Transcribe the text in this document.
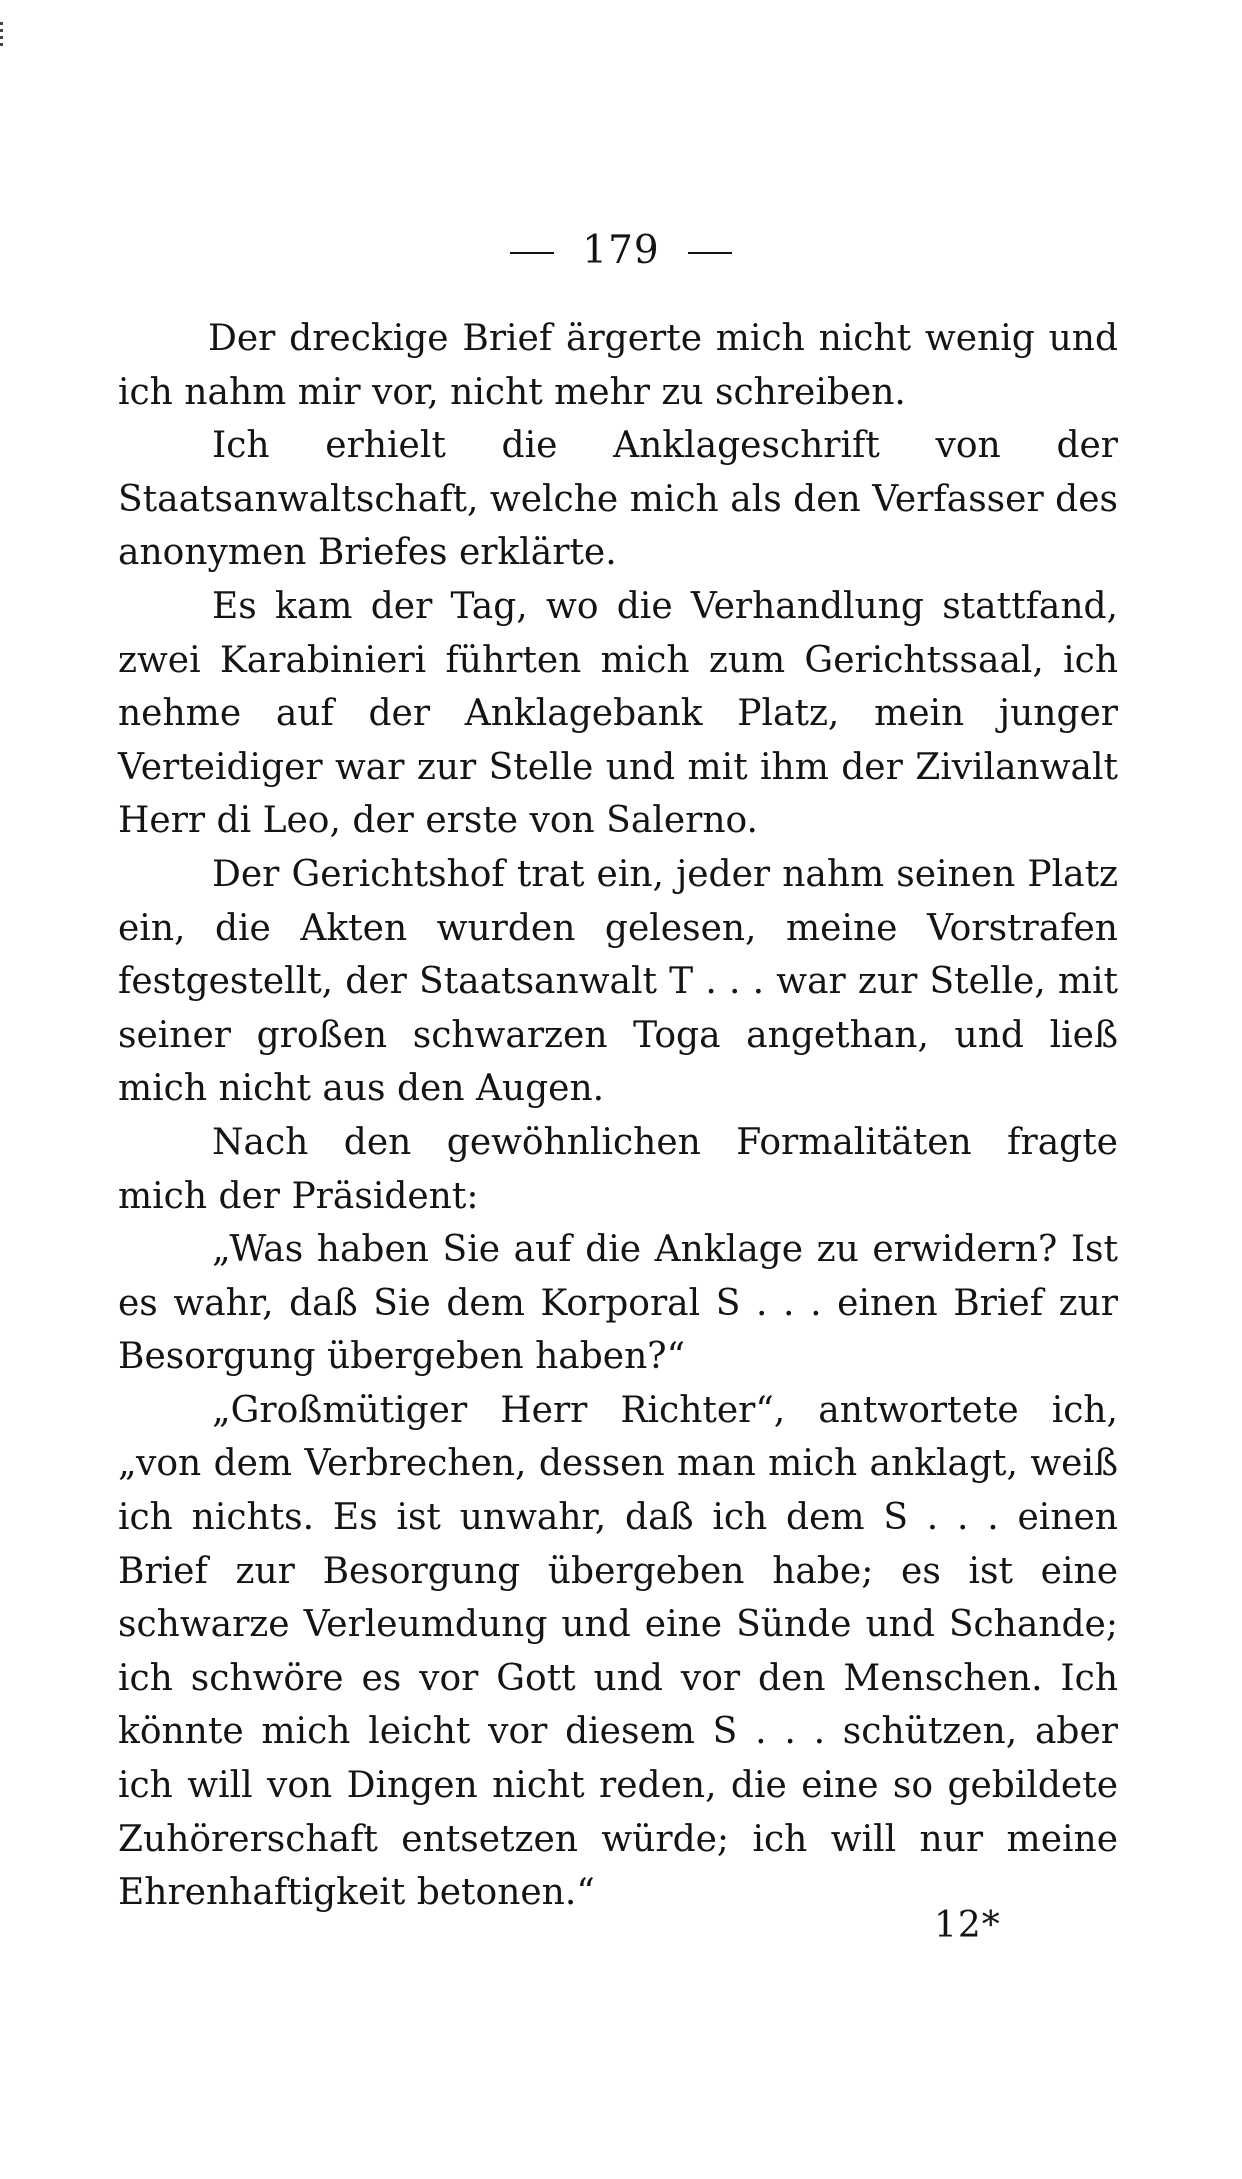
179

Der dreckige Brief ärgerte mich nicht wenig und ich nahm mir vor, nicht mehr zu schreiben.

Ich erhielt die Anklageschrift von der Staatsanwaltschaft, welche mich als den Verfasser des anonymen Briefes erklärte.

Es kam der Tag, wo die Verhandlung stattfand, zwei Karabinieri führten mich zum Gerichtssaal, ich nehme auf der Anklagebank Platz, mein junger Verteidiger war zur Stelle und mit ihm der Zivilanwalt Herr di Leo, der erste von Salerno.

Der Gerichtshof trat ein, jeder nahm seinen Platz ein, die Akten wurden gelesen, meine Vorstrafen festgestellt, der Staatsanwalt T . . . war zur Stelle, mit seiner großen schwarzen Toga angethan, und ließ mich nicht aus den Augen.

Nach den gewöhnlichen Formalitäten fragte mich der Präsident:

„Was haben Sie auf die Anklage zu erwidern? Ist es wahr, daß Sie dem Korporal S . . . einen Brief zur Besorgung übergeben haben?“

„Großmütiger Herr Richter“, antwortete ich, „von dem Verbrechen, dessen man mich anklagt, weiß ich nichts. Es ist unwahr, daß ich dem S . . . einen Brief zur Besorgung übergeben habe; es ist eine schwarze Verleumdung und eine Sünde und Schande; ich schwöre es vor Gott und vor den Menschen. Ich könnte mich leicht vor diesem S . . . schützen, aber ich will von Dingen nicht reden, die eine so gebildete Zuhörerschaft entsetzen würde; ich will nur meine Ehrenhaftigkeit betonen.“

12*
